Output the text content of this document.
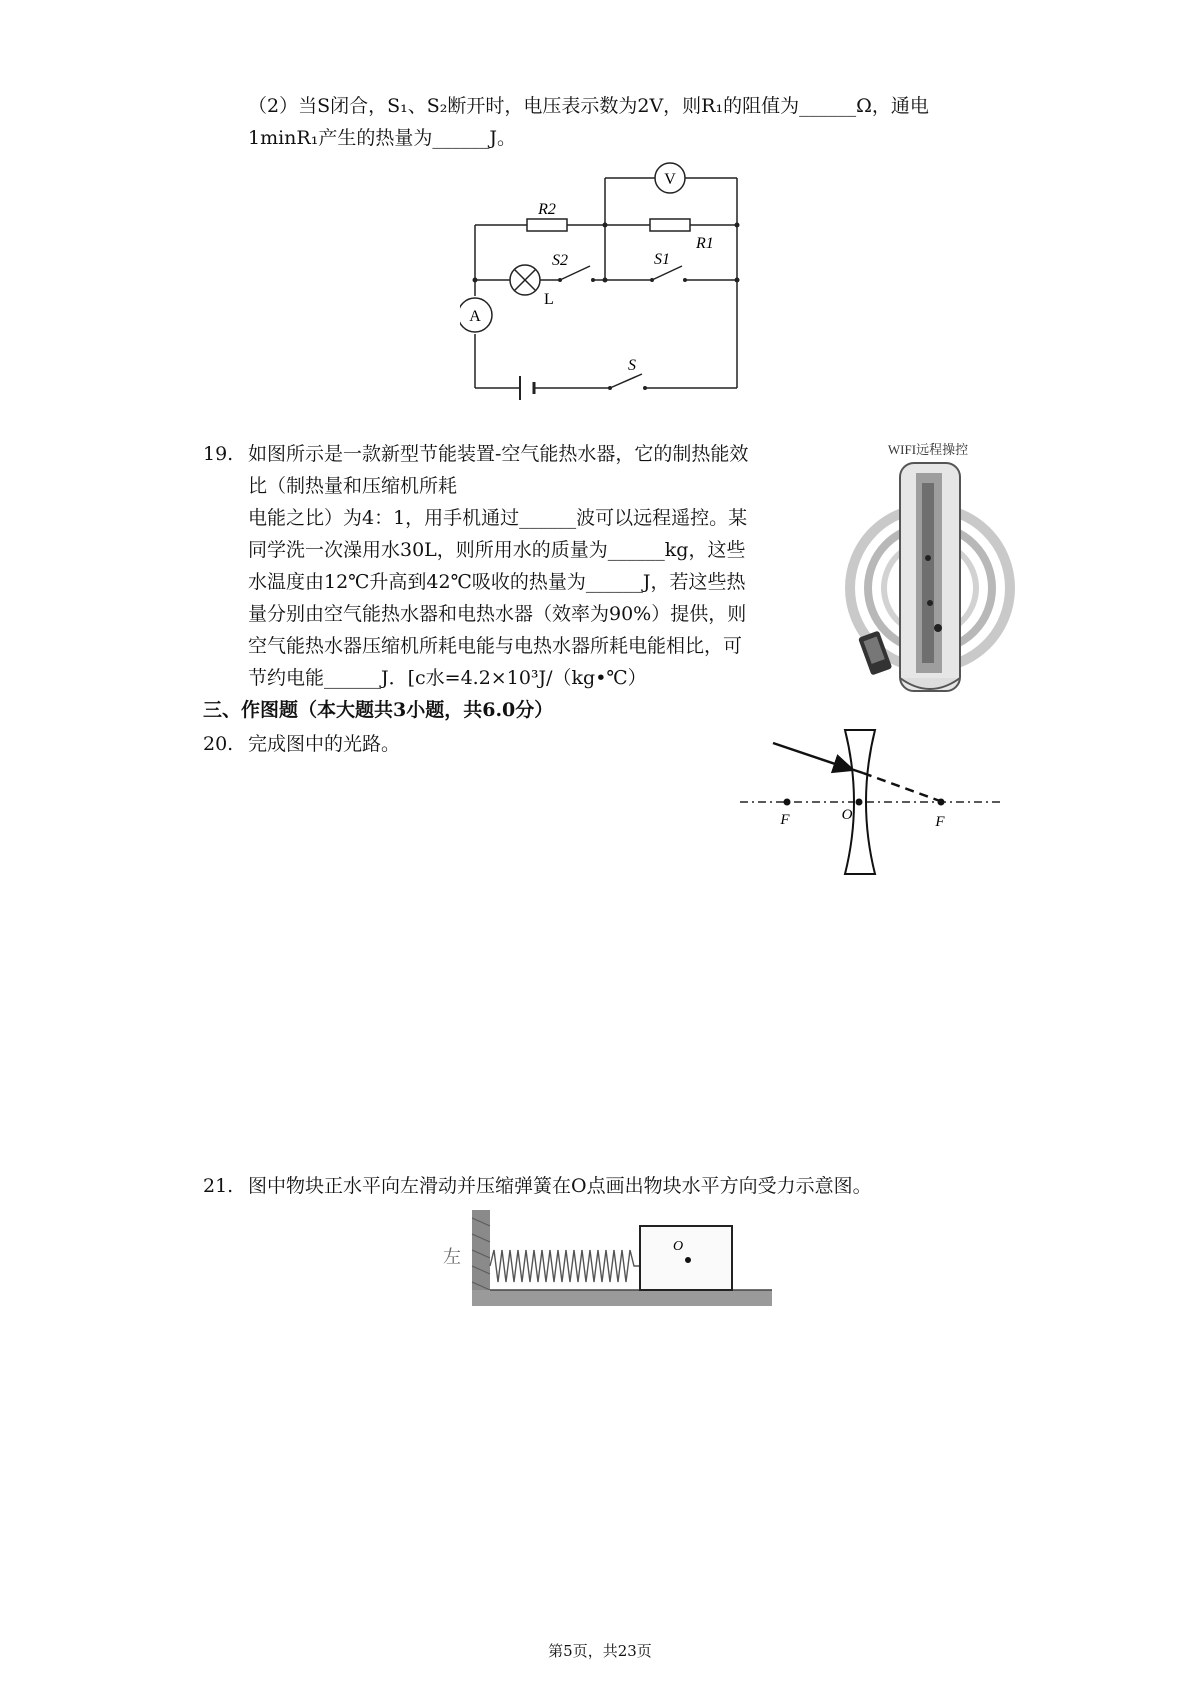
（2）当S闭合，S₁、S₂断开时，电压表示数为2V，则R₁的阻值为______Ω，通电
1minR₁产生的热量为______J。
V
A
R2
R1
S2	S1
L
S
19. 如图所示是一款新型节能装置-空气能热水器，它的制热能效
比（制热量和压缩机所耗
电能之比）为4：1，用手机通过______波可以远程遥控。某
同学洗一次澡用水30L，则所用水的质量为______kg，这些
水温度由12℃升高到42℃吸收的热量为______J，若这些热
量分别由空气能热水器和电热水器（效率为90%）提供，则
空气能热水器压缩机所耗电能与电热水器所耗电能相比，可
节约电能______J．[c水=4.2×10³J/（kg•℃）
WIFI远程操控
三、作图题（本大题共3小题，共6.0分）
20. 完成图中的光路。
F	O	F
21. 图中物块正水平向左滑动并压缩弹簧在O点画出物块水平方向受力示意图。
左
O
第5页，共23页
